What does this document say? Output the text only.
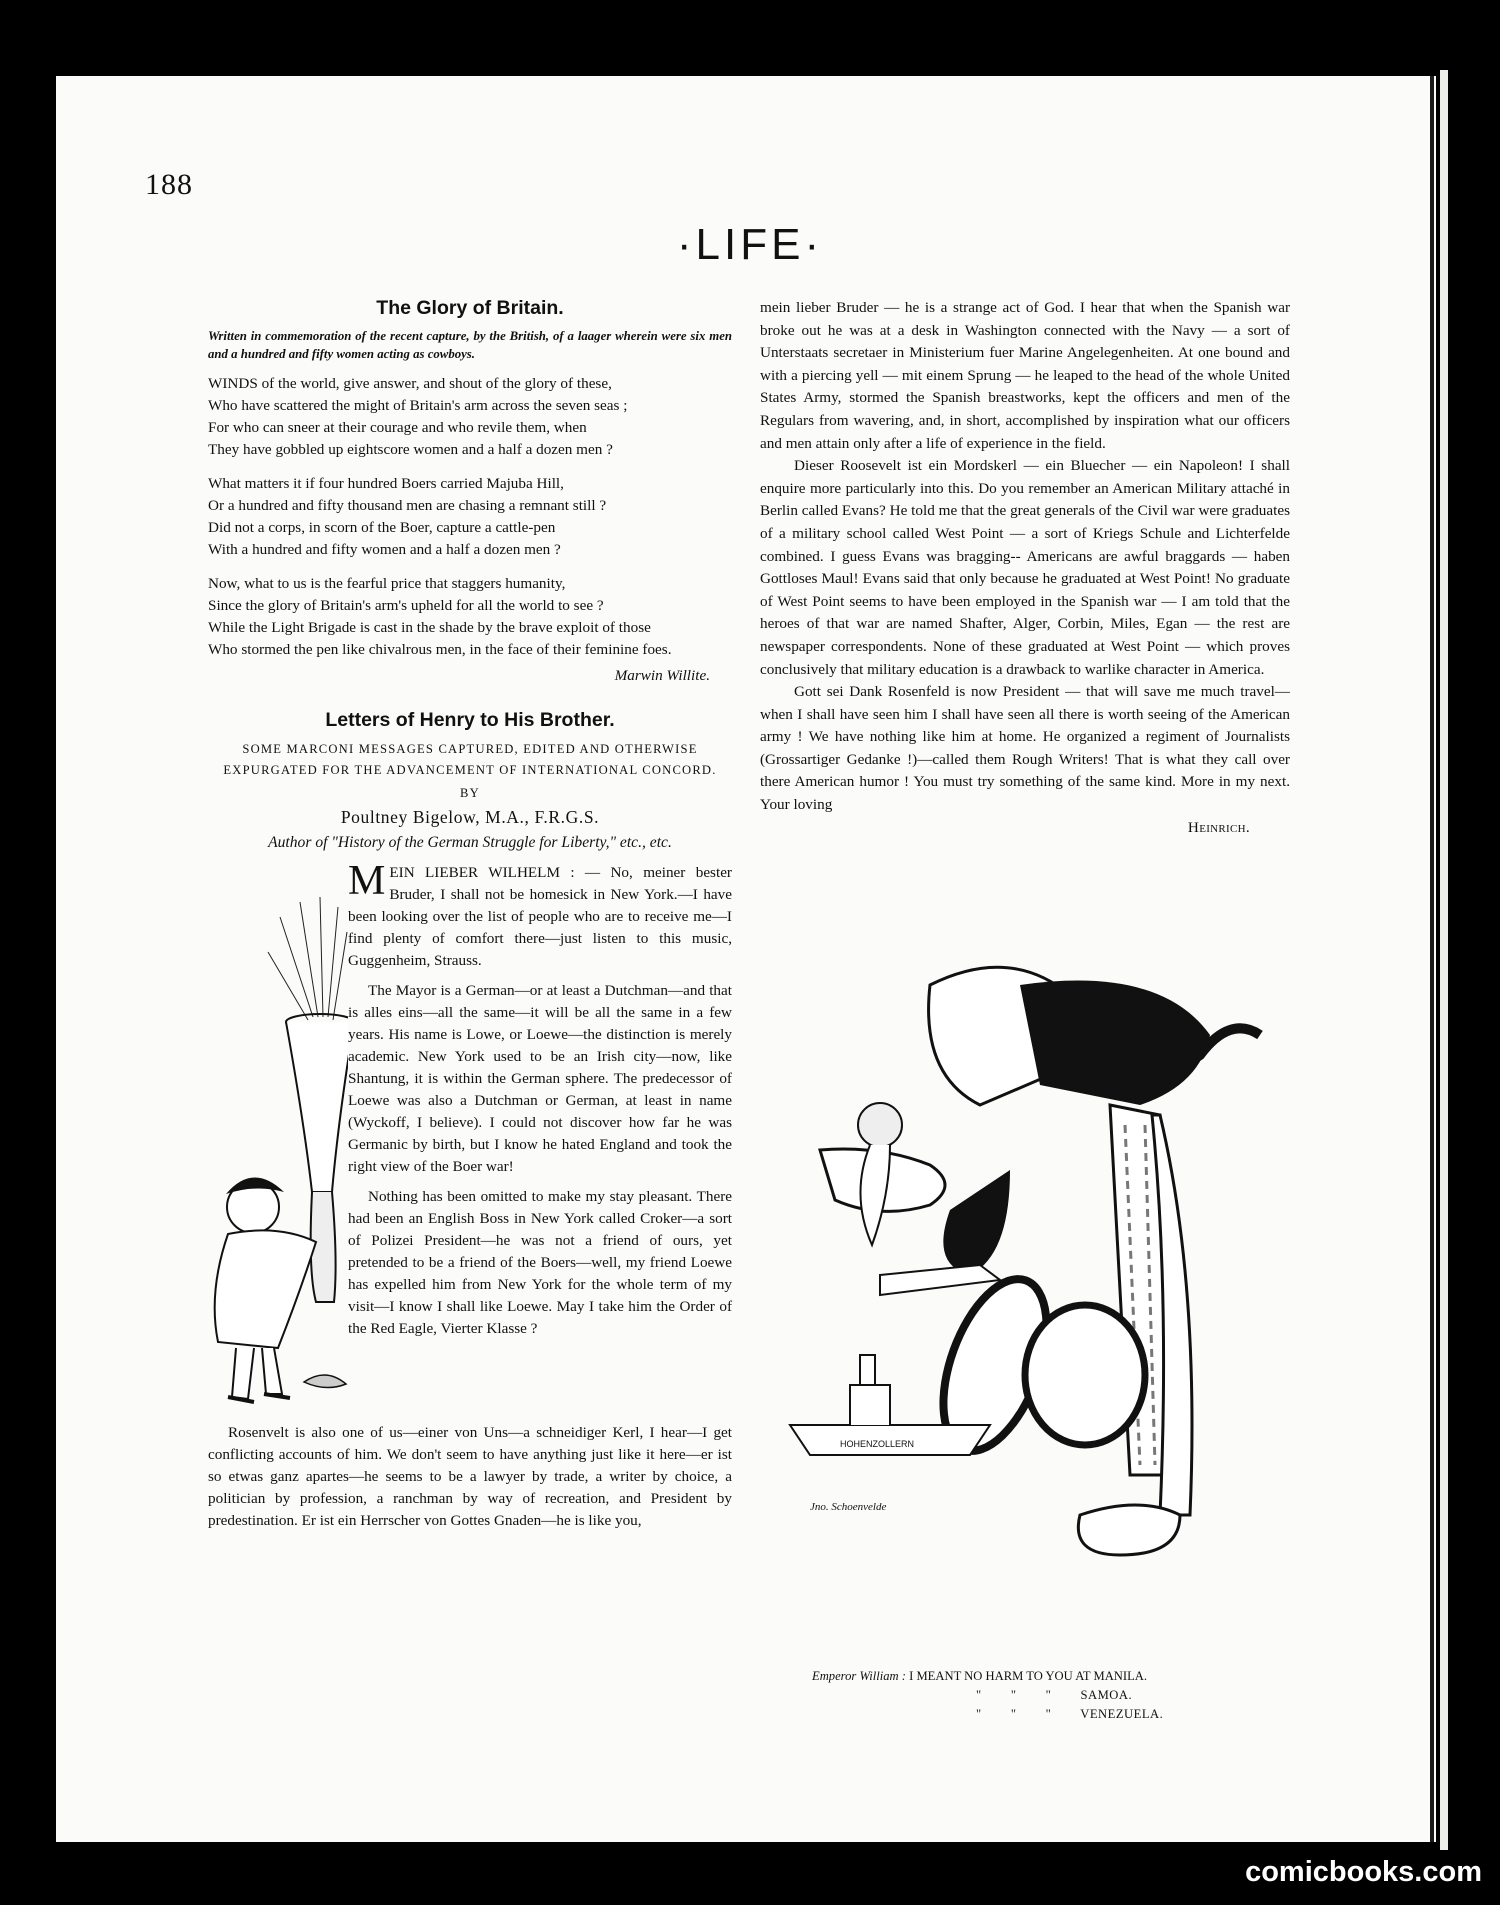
188
·LIFE·
The Glory of Britain.

Written in commemoration of the recent capture, by the British, of a laager wherein were six men and a hundred and fifty women acting as cowboys.

WINDS of the world, give answer, and shout of the glory of these,

Who have scattered the might of Britain's arm across the seven seas ;

For who can sneer at their courage and who revile them, when

They have gobbled up eightscore women and a half a dozen men ?

What matters it if four hundred Boers carried Majuba Hill,

Or a hundred and fifty thousand men are chasing a remnant still ?

Did not a corps, in scorn of the Boer, capture a cattle-pen

With a hundred and fifty women and a half a dozen men ?

Now, what to us is the fearful price that staggers humanity,

Since the glory of Britain's arm's upheld for all the world to see ?

While the Light Brigade is cast in the shade by the brave exploit of those

Who stormed the pen like chivalrous men, in the face of their feminine foes.

Marwin Willite.
Letters of Henry to His Brother.
SOME MARCONI MESSAGES CAPTURED, EDITED AND OTHERWISE EXPURGATED FOR THE ADVANCEMENT OF INTERNATIONAL CONCORD.
BY
Poultney Bigelow, M.A., F.R.G.S.
Author of "History of the German Struggle for Liberty," etc., etc.

MEIN LIEBER WILHELM : — No, meiner bester Bruder, I shall not be homesick in New York.—I have been looking over the list of people who are to receive me—I find plenty of comfort there—just listen to this music, Guggenheim, Strauss.

The Mayor is a German—or at least a Dutchman—and that is alles eins—all the same—it will be all the same in a few years. His name is Lowe, or Loewe—the distinction is merely academic. New York used to be an Irish city—now, like Shantung, it is within the German sphere. The predecessor of Loewe was also a Dutchman or German, at least in name (Wyckoff, I believe). I could not discover how far he was Germanic by birth, but I know he hated England and took the right view of the Boer war!

Nothing has been omitted to make my stay pleasant. There had been an English Boss in New York called Croker—a sort of Polizei President—he was not a friend of ours, yet pretended to be a friend of the Boers—well, my friend Loewe has expelled him from New York for the whole term of my visit—I know I shall like Loewe. May I take him the Order of the Red Eagle, Vierter Klasse ?

Rosenvelt is also one of us—einer von Uns—a schneidiger Kerl, I hear—I get conflicting accounts of him. We don't seem to have anything just like it here—er ist so etwas ganz apartes—he seems to be a lawyer by trade, a writer by choice, a politician by profession, a ranchman by way of recreation, and President by predestination. Er ist ein Herrscher von Gottes Gnaden—he is like you,

mein lieber Bruder — he is a strange act of God. I hear that when the Spanish war broke out he was at a desk in Washington connected with the Navy — a sort of Unterstaats secretaer in Ministerium fuer Marine Angelegenheiten. At one bound and with a piercing yell — mit einem Sprung — he leaped to the head of the whole United States Army, stormed the Spanish breastworks, kept the officers and men of the Regulars from wavering, and, in short, accomplished by inspiration what our officers and men attain only after a life of experience in the field.

Dieser Roosevelt ist ein Mordskerl — ein Bluecher — ein Napoleon! I shall enquire more particularly into this. Do you remember an American Military attaché in Berlin called Evans? He told me that the great generals of the Civil war were graduates of a military school called West Point — a sort of Kriegs Schule and Lichterfelde combined. I guess Evans was bragging-- Americans are awful braggards — haben Gottloses Maul! Evans said that only because he graduated at West Point! No graduate of West Point seems to have been employed in the Spanish war — I am told that the heroes of that war are named Shafter, Alger, Corbin, Miles, Egan — the rest are newspaper correspondents. None of these graduated at West Point — which proves conclusively that military education is a drawback to warlike character in America.

Gott sei Dank Rosenfeld is now President — that will save me much travel—when I shall have seen him I shall have seen all there is worth seeing of the American army ! We have nothing like him at home. He organized a regiment of Journalists (Grossartiger Gedanke !)—called them Rough Writers! That is what they call over there American humor ! You must try something of the same kind. More in my next. Your loving

Heinrich.
HOHENZOLLERN
Jno. Schoenvelde
Emperor William : I MEANT NO HARM TO YOU AT MANILA.
"        "        "        SAMOA.
"        "        "        VENEZUELA.
comicbooks.com
